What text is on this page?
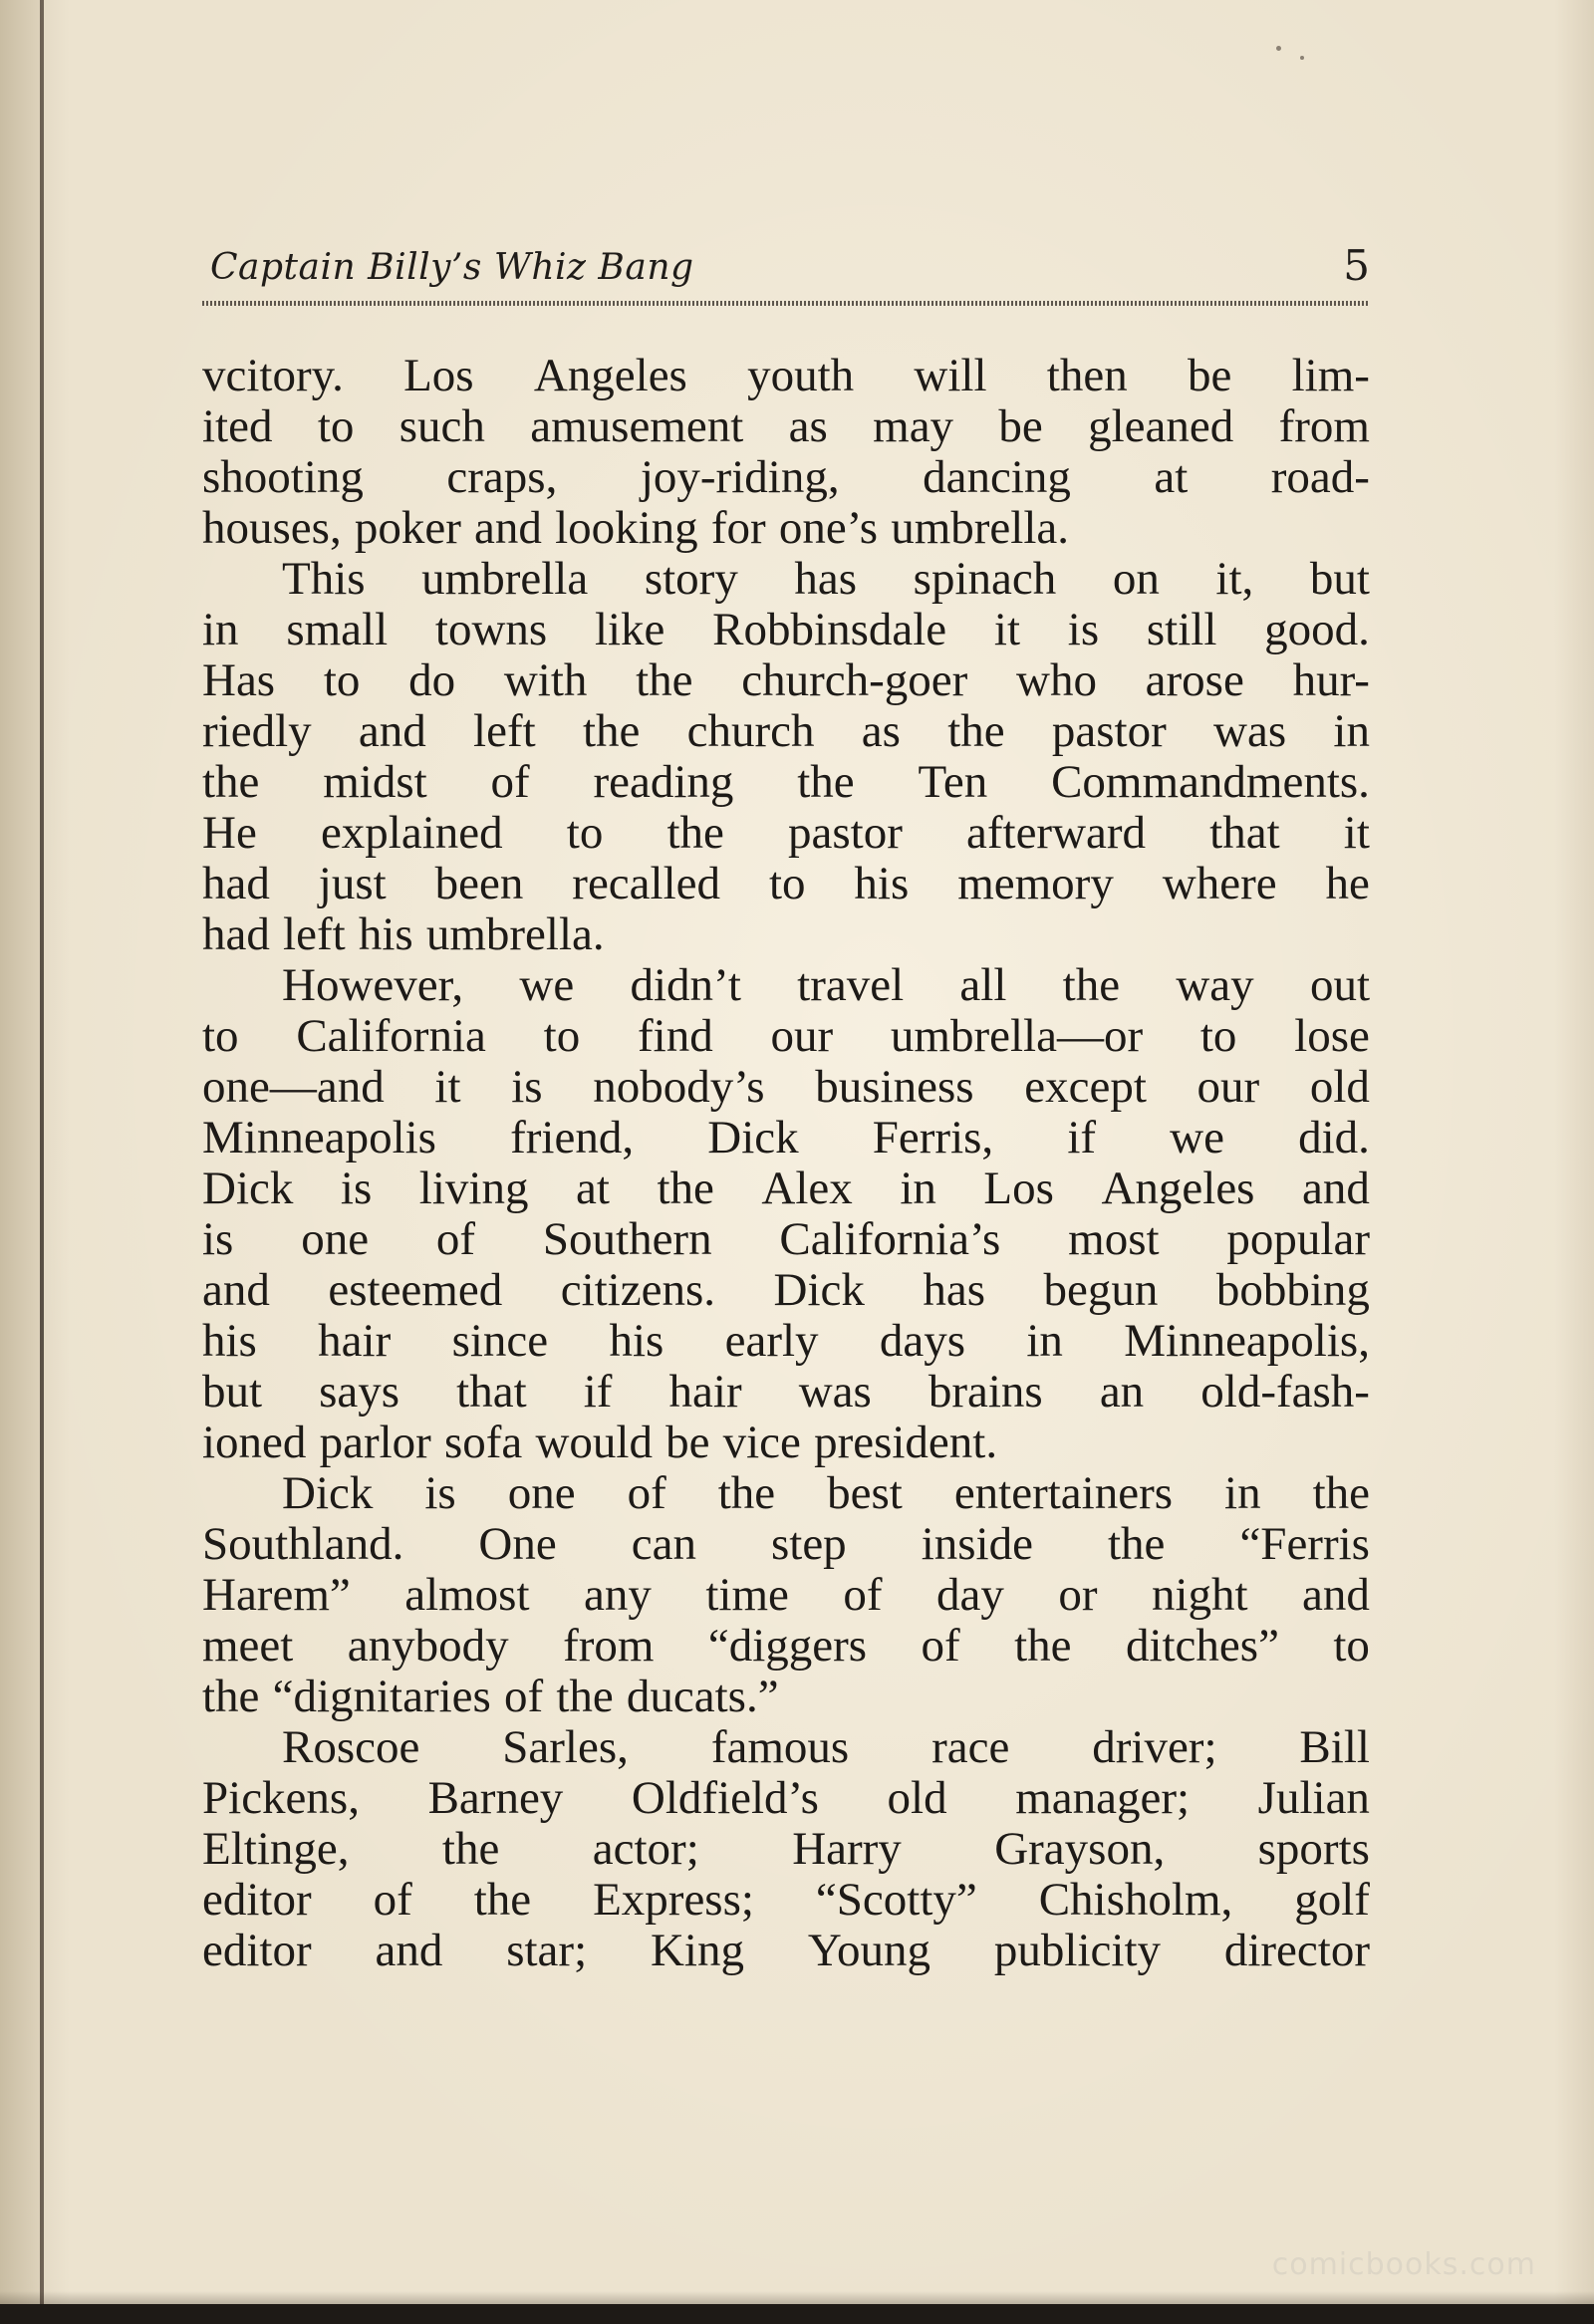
Captain Billy’s Whiz Bang	5
vcitory. Los Angeles youth will then be lim-
ited to such amusement as may be gleaned from
shooting craps, joy-riding, dancing at road-
houses, poker and looking for one’s umbrella.
This umbrella story has spinach on it, but
in small towns like Robbinsdale it is still good.
Has to do with the church-goer who arose hur-
riedly and left the church as the pastor was in
the midst of reading the Ten Commandments.
He explained to the pastor afterward that it
had just been recalled to his memory where he
had left his umbrella.
However, we didn’t travel all the way out
to California to find our umbrella—or to lose
one—and it is nobody’s business except our old
Minneapolis friend, Dick Ferris, if we did.
Dick is living at the Alex in Los Angeles and
is one of Southern California’s most popular
and esteemed citizens. Dick has begun bobbing
his hair since his early days in Minneapolis,
but says that if hair was brains an old-fash-
ioned parlor sofa would be vice president.
Dick is one of the best entertainers in the
Southland. One can step inside the “Ferris
Harem” almost any time of day or night and
meet anybody from “diggers of the ditches” to
the “dignitaries of the ducats.”
Roscoe Sarles, famous race driver; Bill
Pickens, Barney Oldfield’s old manager; Julian
Eltinge, the actor; Harry Grayson, sports
editor of the Express; “Scotty” Chisholm, golf
editor and star; King Young publicity director
comicbooks.com
